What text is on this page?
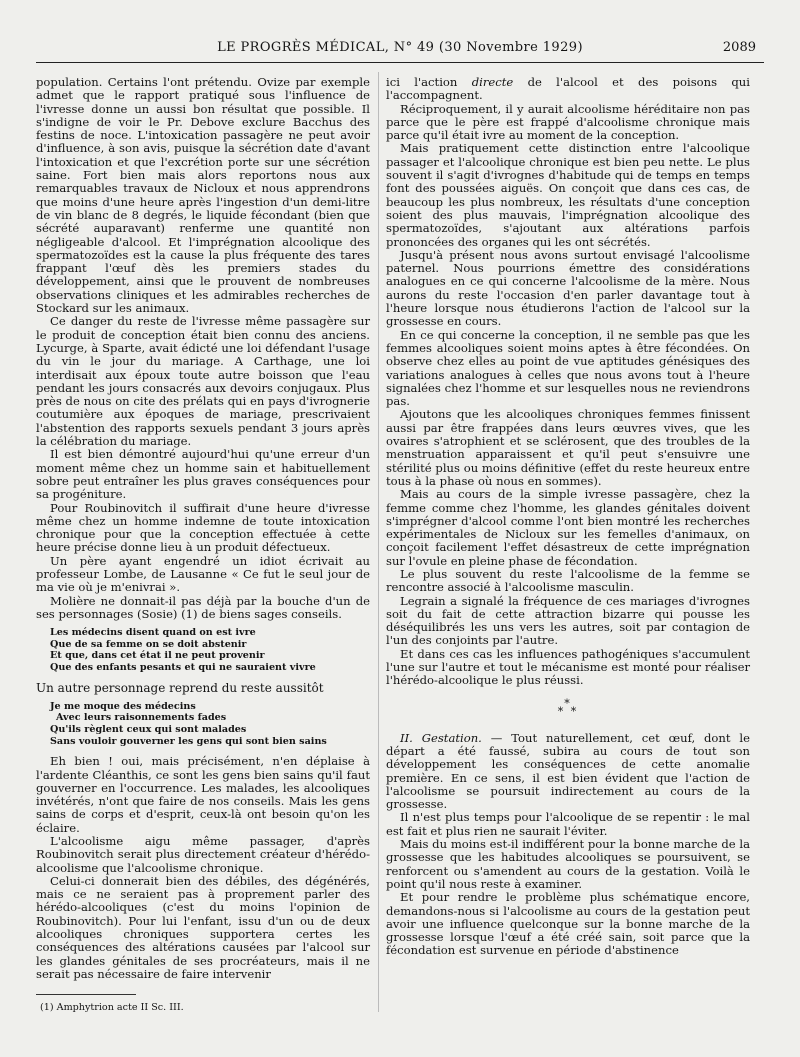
LE PROGRÈS MÉDICAL, N° 49 (30 Novembre 1929)	2089

population. Certains l'ont prétendu. Ovize par exemple admet que le rapport pratiqué sous l'influence de l'ivresse donne un aussi bon résultat que possible. Il s'indigne de voir le Pr. Debove exclure Bacchus des festins de noce. L'intoxication passagère ne peut avoir d'influence, à son avis, puisque la sécrétion date d'avant l'intoxication et que l'excrétion porte sur une sécrétion saine. Fort bien mais alors reportons nous aux remarquables travaux de Nicloux et nous apprendrons que moins d'une heure après l'ingestion d'un demi-litre de vin blanc de 8 degrés, le liquide fécondant (bien que sécrété auparavant) renferme une quantité non négligeable d'alcool. Et l'imprégnation alcoolique des spermatozoïdes est la cause la plus fréquente des tares frappant l'œuf dès les premiers stades du développement, ainsi que le prouvent de nombreuses observations cliniques et les admirables recherches de Stockard sur les animaux.

Ce danger du reste de l'ivresse même passagère sur le produit de conception était bien connu des anciens. Lycurge, à Sparte, avait édicté une loi défendant l'usage du vin le jour du mariage. A Carthage, une loi interdisait aux époux toute autre boisson que l'eau pendant les jours consacrés aux devoirs conjugaux. Plus près de nous on cite des prélats qui en pays d'ivrognerie coutumière aux époques de mariage, prescrivaient l'abstention des rapports sexuels pendant 3 jours après la célébration du mariage.

Il est bien démontré aujourd'hui qu'une erreur d'un moment même chez un homme sain et habituellement sobre peut entraîner les plus graves conséquences pour sa progéniture.

Pour Roubinovitch il suffirait d'une heure d'ivresse même chez un homme indemne de toute intoxication chronique pour que la conception effectuée à cette heure précise donne lieu à un produit défectueux.

Un père ayant engendré un idiot écrivait au professeur Lombe, de Lausanne « Ce fut le seul jour de ma vie où je m'enivrai ».

Molière ne donnait-il pas déjà par la bouche d'un de ses personnages (Sosie) (1) de biens sages conseils.

Les médecins disent quand on est ivre
Que de sa femme on se doit abstenir
Et que, dans cet état il ne peut provenir
Que des enfants pesants et qui ne sauraient vivre

Un autre personnage reprend du reste aussitôt

Je me moque des médecins
Avec leurs raisonnements fades
Qu'ils règlent ceux qui sont malades
Sans vouloir gouverner les gens qui sont bien sains

Eh bien ! oui, mais précisément, n'en déplaise à l'ardente Cléanthis, ce sont les gens bien sains qu'il faut gouverner en l'occurrence. Les malades, les alcooliques invétérés, n'ont que faire de nos conseils. Mais les gens sains de corps et d'esprit, ceux-là ont besoin qu'on les éclaire.

L'alcoolisme aigu même passager, d'après Roubinovitch serait plus directement créateur d'hérédo-alcoolisme que l'alcoolisme chronique.

Celui-ci donnerait bien des débiles, des dégénérés, mais ce ne seraient pas à proprement parler des hérédo-alcooliques (c'est du moins l'opinion de Roubinovitch). Pour lui l'enfant, issu d'un ou de deux alcooliques chroniques supportera certes les conséquences des altérations causées par l'alcool sur les glandes génitales de ses procréateurs, mais il ne serait pas nécessaire de faire intervenir

ici l'action directe de l'alcool et des poisons qui l'accompagnent.

Réciproquement, il y aurait alcoolisme héréditaire non pas parce que le père est frappé d'alcoolisme chronique mais parce qu'il était ivre au moment de la conception.

Mais pratiquement cette distinction entre l'alcoolique passager et l'alcoolique chronique est bien peu nette. Le plus souvent il s'agit d'ivrognes d'habitude qui de temps en temps font des poussées aiguës. On conçoit que dans ces cas, de beaucoup les plus nombreux, les résultats d'une conception soient des plus mauvais, l'imprégnation alcoolique des spermatozoïdes, s'ajoutant aux altérations parfois prononcées des organes qui les ont sécrétés.

Jusqu'à présent nous avons surtout envisagé l'alcoolisme paternel. Nous pourrions émettre des considérations analogues en ce qui concerne l'alcoolisme de la mère. Nous aurons du reste l'occasion d'en parler davantage tout à l'heure lorsque nous étudierons l'action de l'alcool sur la grossesse en cours.

En ce qui concerne la conception, il ne semble pas que les femmes alcooliques soient moins aptes à être fécondées. On observe chez elles au point de vue aptitudes génésiques des variations analogues à celles que nous avons tout à l'heure signalées chez l'homme et sur lesquelles nous ne reviendrons pas.

Ajoutons que les alcooliques chroniques femmes finissent aussi par être frappées dans leurs œuvres vives, que les ovaires s'atrophient et se sclérosent, que des troubles de la menstruation apparaissent et qu'il peut s'ensuivre une stérilité plus ou moins définitive (effet du reste heureux entre tous à la phase où nous en sommes).

Mais au cours de la simple ivresse passagère, chez la femme comme chez l'homme, les glandes génitales doivent s'imprégner d'alcool comme l'ont bien montré les recherches expérimentales de Nicloux sur les femelles d'animaux, on conçoit facilement l'effet désastreux de cette imprégnation sur l'ovule en pleine phase de fécondation.

Le plus souvent du reste l'alcoolisme de la femme se rencontre associé à l'alcoolisme masculin.

Legrain a signalé la fréquence de ces mariages d'ivrognes soit du fait de cette attraction bizarre qui pousse les déséquilibrés les uns vers les autres, soit par contagion de l'un des conjoints par l'autre.

Et dans ces cas les influences pathogéniques s'accumulent l'une sur l'autre et tout le mécanisme est monté pour réaliser l'hérédo-alcoolique le plus réussi.

*
* *

II. Gestation. — Tout naturellement, cet œuf, dont le départ a été faussé, subira au cours de tout son développement les conséquences de cette anomalie première. En ce sens, il est bien évident que l'action de l'alcoolisme se poursuit indirectement au cours de la grossesse.

Il n'est plus temps pour l'alcoolique de se repentir : le mal est fait et plus rien ne saurait l'éviter.

Mais du moins est-il indifférent pour la bonne marche de la grossesse que les habitudes alcooliques se poursuivent, se renforcent ou s'amendent au cours de la gestation. Voilà le point qu'il nous reste à examiner.

Et pour rendre le problème plus schématique encore, demandons-nous si l'alcoolisme au cours de la gestation peut avoir une influence quelconque sur la bonne marche de la grossesse lorsque l'œuf a été créé sain, soit parce que la fécondation est survenue en période d'abstinence

(1) Amphytrion acte II Sc. III.
